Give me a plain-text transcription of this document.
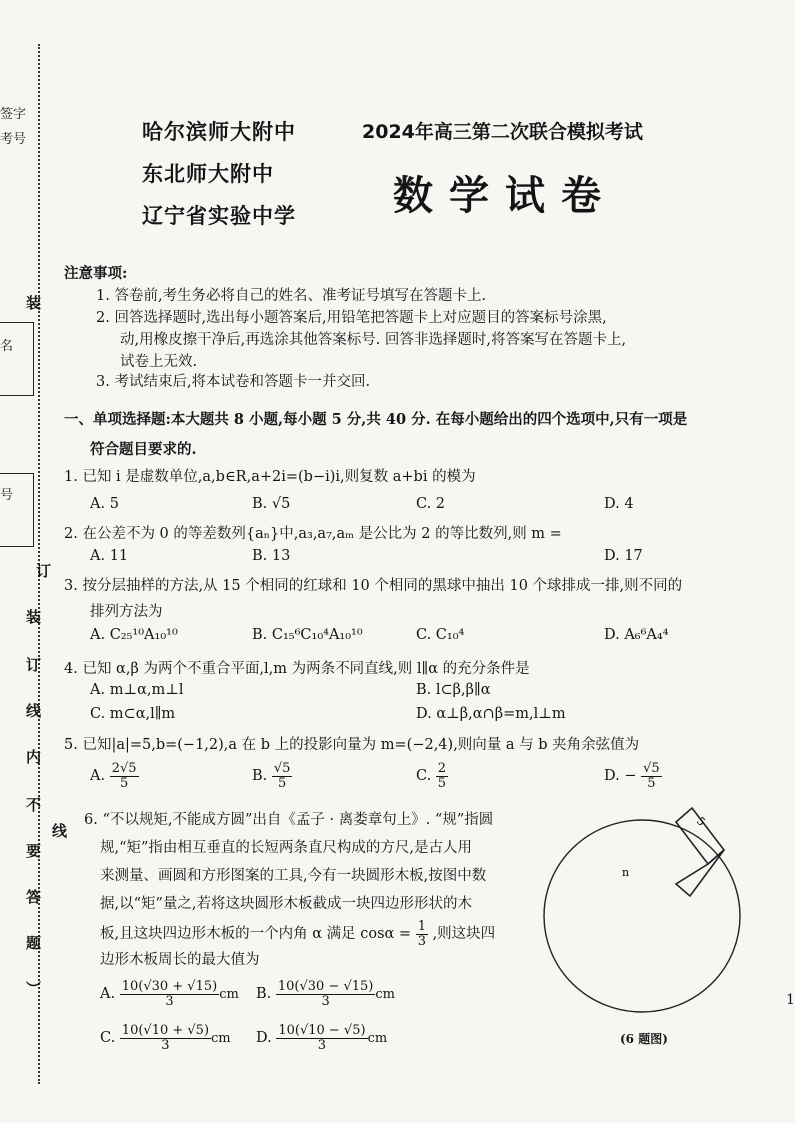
签字
考号
名
号
装
订
装
订
线
内
不
要
答
题
︶
线
哈尔滨师大附中
东北师大附中
辽宁省实验中学
2024年高三第二次联合模拟考试
数学试卷
注意事项:
1. 答卷前,考生务必将自己的姓名、准考证号填写在答题卡上.
2. 回答选择题时,选出每小题答案后,用铅笔把答题卡上对应题目的答案标号涂黑,
动,用橡皮擦干净后,再选涂其他答案标号. 回答非选择题时,将答案写在答题卡上,
试卷上无效.
3. 考试结束后,将本试卷和答题卡一并交回.
一、单项选择题:本大题共 8 小题,每小题 5 分,共 40 分. 在每小题给出的四个选项中,只有一项是
符合题目要求的.
1. 已知 i 是虚数单位,a,b∈R,a+2i=(b−i)i,则复数 a+bi 的模为
A. 5	B. √5	C. 2	D. 4
2. 在公差不为 0 的等差数列{aₙ}中,a₃,a₇,aₘ 是公比为 2 的等比数列,则 m =
A. 11	B. 13	D. 17
3. 按分层抽样的方法,从 15 个相同的红球和 10 个相同的黑球中抽出 10 个球排成一排,则不同的
排列方法为
A. C₂₅¹⁰A₁₀¹⁰	B. C₁₅⁶C₁₀⁴A₁₀¹⁰	C. C₁₀⁴	D. A₆⁶A₄⁴
4. 已知 α,β 为两个不重合平面,l,m 为两条不同直线,则 l∥α 的充分条件是
A. m⊥α,m⊥l	B. l⊂β,β∥α
C. m⊂α,l∥m	D. α⊥β,α∩β=m,l⊥m
5. 已知|a|=5,b=(−1,2),a 在 b 上的投影向量为 m=(−2,4),则向量 a 与 b 夹角余弦值为
A. $\frac{2√5}{5}$	B. $\frac{√5}{5}$	C. $\frac{2}{5}$	D. − $\frac{√5}{5}$
6. “不以规矩,不能成方圆”出自《孟子 · 离娄章句上》. “规”指圆
规,“矩”指由相互垂直的长短两条直尺构成的方尺,是古人用
来测量、画圆和方形图案的工具,今有一块圆形木板,按图中数
据,以“矩”量之,若将这块圆形木板截成一块四边形形状的木
板,且这块四边形木板的一个内角 α 满足 $\cos\alpha = \frac{1}{3}$ ,则这块四
边形木板周长的最大值为
A. $\frac{10(√30 + √15)}{3}$ cm B. $\frac{10(√30 - √15)}{3}$ cm
C. $\frac{10(√10 + √5)}{3}$ cm D. $\frac{10(√10 - √5)}{3}$ cm
5
n
(6 题图)
1
